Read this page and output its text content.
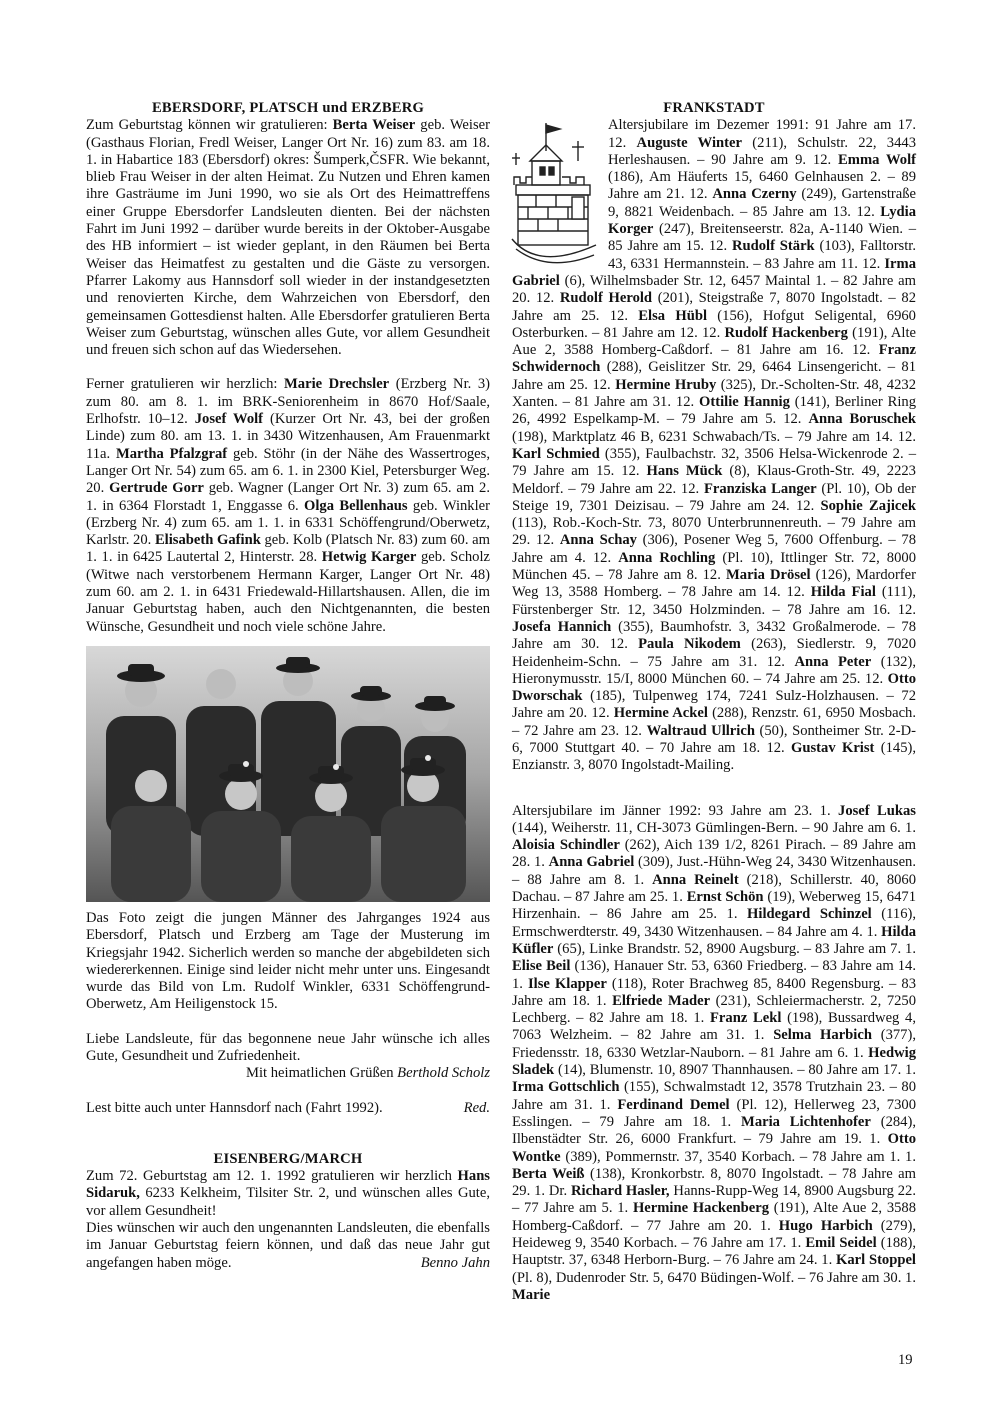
EBERSDORF, PLATSCH und ERZBERG

Zum Geburtstag können wir gratulieren: Berta Weiser geb. Weiser (Gasthaus Florian, Fredl Weiser, Langer Ort Nr. 16) zum 83. am 18. 1. in Habartice 183 (Ebersdorf) okres: Šumperk,ČSFR. Wie bekannt, blieb Frau Weiser in der alten Heimat. Zu Nutzen und Ehren kamen ihre Gasträume im Juni 1990, wo sie als Ort des Heimattreffens einer Gruppe Ebersdorfer Landsleuten dienten. Bei der nächsten Fahrt im Juni 1992 – darüber wurde bereits in der Oktober-Ausgabe des HB informiert – ist wieder geplant, in den Räumen bei Berta Weiser das Heimatfest zu gestalten und die Gäste zu versorgen. Pfarrer Lakomy aus Hannsdorf soll wieder in der instandgesetzten und renovierten Kirche, dem Wahrzeichen von Ebersdorf, den gemeinsamen Gottesdienst halten. Alle Ebersdorfer gratulieren Berta Weiser zum Geburtstag, wünschen alles Gute, vor allem Gesundheit und freuen sich schon auf das Wiedersehen.

Ferner gratulieren wir herzlich: Marie Drechsler (Erzberg Nr. 3) zum 80. am 8. 1. im BRK-Seniorenheim in 8670 Hof/Saale, Erlhofstr. 10–12. Josef Wolf (Kurzer Ort Nr. 43, bei der großen Linde) zum 80. am 13. 1. in 3430 Witzenhausen, Am Frauenmarkt 11a. Martha Pfalzgraf geb. Stöhr (in der Nähe des Wassertroges, Langer Ort Nr. 54) zum 65. am 6. 1. in 2300 Kiel, Petersburger Weg. 20. Gertrude Gorr geb. Wagner (Langer Ort Nr. 3) zum 65. am 2. 1. in 6364 Florstadt 1, Enggasse 6. Olga Bellenhaus geb. Winkler (Erzberg Nr. 4) zum 65. am 1. 1. in 6331 Schöffengrund/Oberwetz, Karlstr. 20. Elisabeth Gafink geb. Kolb (Platsch Nr. 83) zum 60. am 1. 1. in 6425 Lautertal 2, Hinterstr. 28. Hetwig Karger geb. Scholz (Witwe nach verstorbenem Hermann Karger, Langer Ort Nr. 48) zum 60. am 2. 1. in 6431 Friedewald-Hillartshausen. Allen, die im Januar Geburtstag haben, auch den Nichtgenannten, die besten Wünsche, Gesundheit und noch viele schöne Jahre.

Das Foto zeigt die jungen Männer des Jahrganges 1924 aus Ebersdorf, Platsch und Erzberg am Tage der Musterung im Kriegsjahr 1942. Sicherlich werden so manche der abgebildeten sich wiedererkennen. Einige sind leider nicht mehr unter uns. Eingesandt wurde das Bild von Lm. Rudolf Winkler, 6331 Schöffengrund-Oberwetz, Am Heiligenstock 15.

Liebe Landsleute, für das begonnene neue Jahr wünsche ich alles Gute, Gesundheit und Zufriedenheit.

Mit heimatlichen Grüßen Berthold Scholz

Lest bitte auch unter Hannsdorf nach (Fahrt 1992).	Red.
EISENBERG/MARCH

Zum 72. Geburtstag am 12. 1. 1992 gratulieren wir herzlich Hans Sidaruk, 6233 Kelkheim, Tilsiter Str. 2, und wünschen alles Gute, vor allem Gesundheit!

Dies wünschen wir auch den ungenannten Landsleuten, die ebenfalls im Januar Geburtstag feiern können, und daß das neue Jahr gut angefangen haben möge.	Benno Jahn

FRANKSTADT

Altersjubilare im Dezemer 1991: 91 Jahre am 17. 12. Auguste Winter (211), Schulstr. 22, 3443 Herleshausen. – 90 Jahre am 9. 12. Emma Wolf (186), Am Häuferts 15, 6460 Gelnhausen 2. – 89 Jahre am 21. 12. Anna Czerny (249), Gartenstraße 9, 8821 Weidenbach. – 85 Jahre am 13. 12. Lydia Korger (247), Breitenseerstr. 82a, A-1140 Wien. – 85 Jahre am 15. 12. Rudolf Stärk (103), Falltorstr. 43, 6331 Hermannstein. – 83 Jahre am 11. 12. Irma Gabriel (6), Wilhelmsbader Str. 12, 6457 Maintal 1. – 82 Jahre am 20. 12. Rudolf Herold (201), Steigstraße 7, 8070 Ingolstadt. – 82 Jahre am 25. 12. Elsa Hübl (156), Hofgut Seligental, 6960 Osterburken. – 81 Jahre am 12. 12. Rudolf Hackenberg (191), Alte Aue 2, 3588 Homberg-Caßdorf. – 81 Jahre am 16. 12. Franz Schwidernoch (288), Geislitzer Str. 29, 6464 Linsengericht. – 81 Jahre am 25. 12. Hermine Hruby (325), Dr.-Scholten-Str. 48, 4232 Xanten. – 81 Jahre am 31. 12. Ottilie Hannig (141), Berliner Ring 26, 4992 Espelkamp-M. – 79 Jahre am 5. 12. Anna Boruschek (198), Marktplatz 46 B, 6231 Schwabach/Ts. – 79 Jahre am 14. 12. Karl Schmied (355), Faulbachstr. 32, 3506 Helsa-Wickenrode 2. – 79 Jahre am 15. 12. Hans Mück (8), Klaus-Groth-Str. 49, 2223 Meldorf. – 79 Jahre am 22. 12. Franziska Langer (Pl. 10), Ob der Steige 19, 7301 Deizisau. – 79 Jahre am 24. 12. Sophie Zajicek (113), Rob.-Koch-Str. 73, 8070 Unterbrunnenreuth. – 79 Jahre am 29. 12. Anna Schay (306), Posener Weg 5, 7600 Offenburg. – 78 Jahre am 4. 12. Anna Rochling (Pl. 10), Ittlinger Str. 72, 8000 München 45. – 78 Jahre am 8. 12. Maria Drösel (126), Mardorfer Weg 13, 3588 Homberg. – 78 Jahre am 14. 12. Hilda Fial (111), Fürstenberger Str. 12, 3450 Holzminden. – 78 Jahre am 16. 12. Josefa Hannich (355), Baumhofstr. 3, 3432 Großalmerode. – 78 Jahre am 30. 12. Paula Nikodem (263), Siedlerstr. 9, 7020 Heidenheim-Schn. – 75 Jahre am 31. 12. Anna Peter (132), Hieronymusstr. 15/I, 8000 München 60. – 74 Jahre am 25. 12. Otto Dworschak (185), Tulpenweg 174, 7241 Sulz-Holzhausen. – 72 Jahre am 20. 12. Hermine Ackel (288), Renzstr. 61, 6950 Mosbach. – 72 Jahre am 23. 12. Waltraud Ullrich (50), Sontheimer Str. 2-D-6, 7000 Stuttgart 40. – 70 Jahre am 18. 12. Gustav Krist (145), Enzianstr. 3, 8070 Ingolstadt-Mailing.

Altersjubilare im Jänner 1992: 93 Jahre am 23. 1. Josef Lukas (144), Weiherstr. 11, CH-3073 Gümlingen-Bern. – 90 Jahre am 6. 1. Aloisia Schindler (262), Aich 139 1/2, 8261 Pirach. – 89 Jahre am 28. 1. Anna Gabriel (309), Just.-Hühn-Weg 24, 3430 Witzenhausen. – 88 Jahre am 8. 1. Anna Reinelt (218), Schillerstr. 40, 8060 Dachau. – 87 Jahre am 25. 1. Ernst Schön (19), Weberweg 15, 6471 Hirzenhain. – 86 Jahre am 25. 1. Hildegard Schinzel (116), Ermschwerdterstr. 49, 3430 Witzenhausen. – 84 Jahre am 4. 1. Hilda Küfler (65), Linke Brandstr. 52, 8900 Augsburg. – 83 Jahre am 7. 1. Elise Beil (136), Hanauer Str. 53, 6360 Friedberg. – 83 Jahre am 14. 1. Ilse Klapper (118), Roter Brachweg 85, 8400 Regensburg. – 83 Jahre am 18. 1. Elfriede Mader (231), Schleiermacherstr. 2, 7250 Lechberg. – 82 Jahre am 18. 1. Franz Lekl (198), Bussardweg 4, 7063 Welzheim. – 82 Jahre am 31. 1. Selma Harbich (377), Friedensstr. 18, 6330 Wetzlar-Nauborn. – 81 Jahre am 6. 1. Hedwig Sladek (14), Blumenstr. 10, 8907 Thannhausen. – 80 Jahre am 17. 1. Irma Gottschlich (155), Schwalmstadt 12, 3578 Trutzhain 23. – 80 Jahre am 31. 1. Ferdinand Demel (Pl. 12), Hellerweg 23, 7300 Esslingen. – 79 Jahre am 18. 1. Maria Lichtenhofer (284), Ilbenstädter Str. 26, 6000 Frankfurt. – 79 Jahre am 19. 1. Otto Wontke (389), Pommernstr. 37, 3540 Korbach. – 78 Jahre am 1. 1. Berta Weiß (138), Kronkorbstr. 8, 8070 Ingolstadt. – 78 Jahre am 29. 1. Dr. Richard Hasler, Hanns-Rupp-Weg 14, 8900 Augsburg 22. – 77 Jahre am 5. 1. Hermine Hackenberg (191), Alte Aue 2, 3588 Homberg-Caßdorf. – 77 Jahre am 20. 1. Hugo Harbich (279), Heideweg 9, 3540 Korbach. – 76 Jahre am 17. 1. Emil Seidel (188), Hauptstr. 37, 6348 Herborn-Burg. – 76 Jahre am 24. 1. Karl Stoppel (Pl. 8), Dudenroder Str. 5, 6470 Büdingen-Wolf. – 76 Jahre am 30. 1. Marie

19
